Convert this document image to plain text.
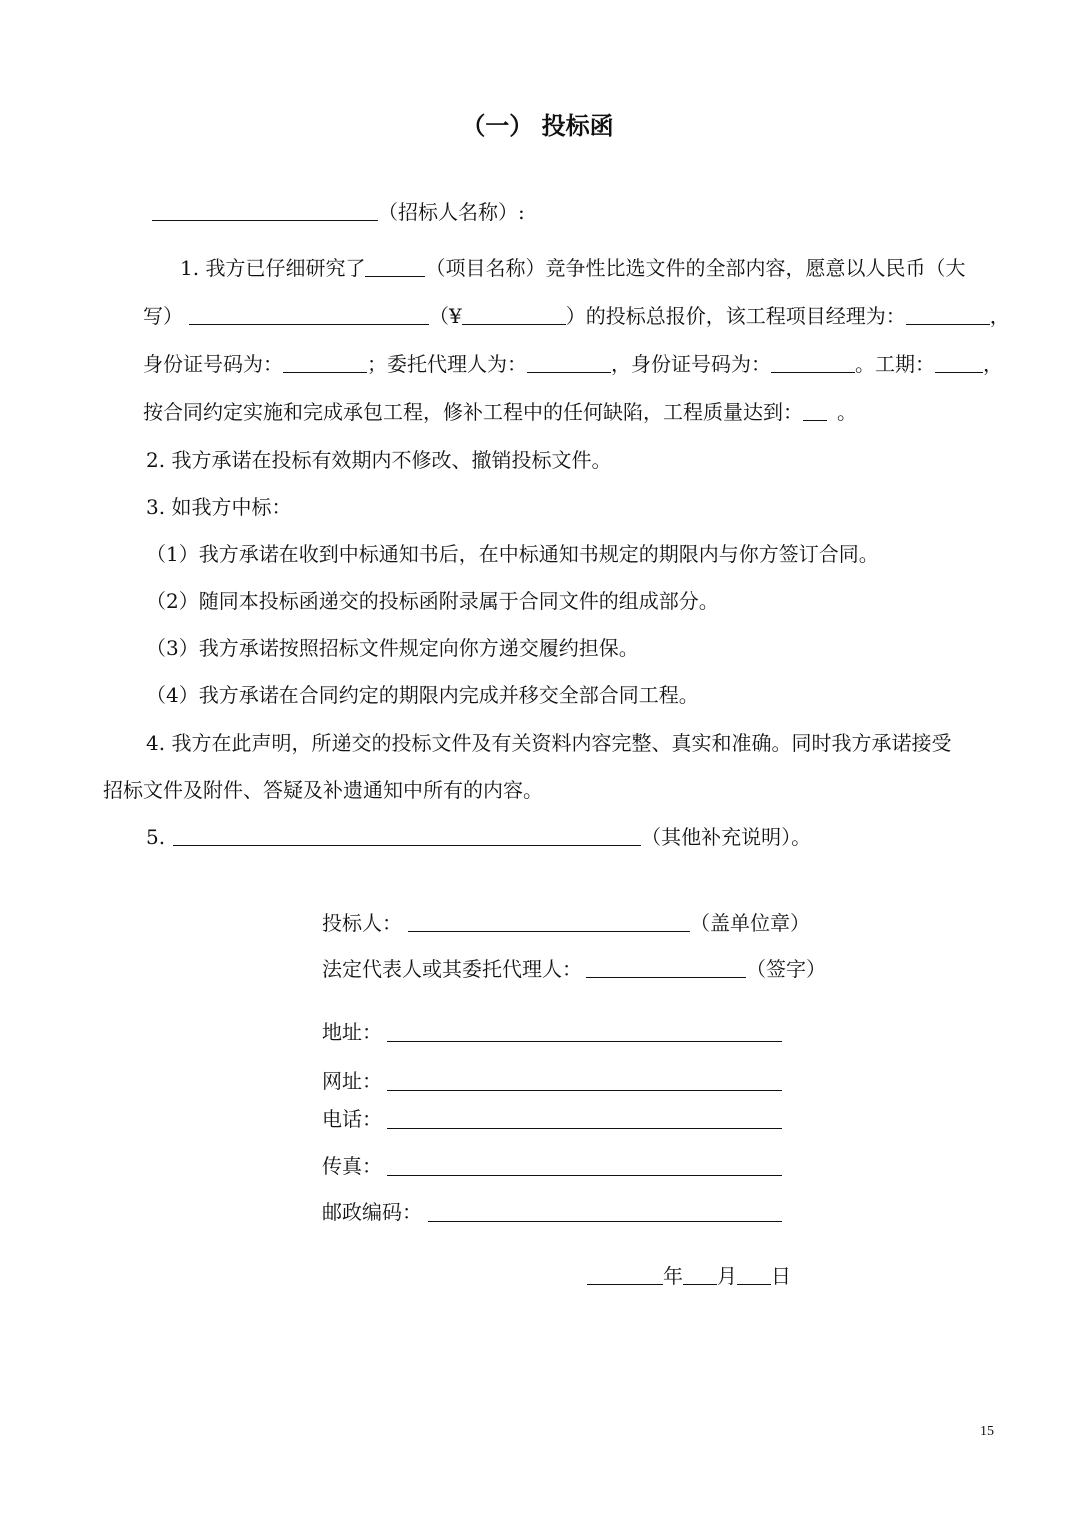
（一） 投标函
（招标人名称）:
1. 我方已仔细研究了	（项目名称）竞争性比选文件的全部内容，愿意以人民币（大
写）	（¥	）的投标总报价，该工程项目经理为：	，
身份证号码为：	；委托代理人为：	，身份证号码为：	。工期： ，
按合同约定实施和完成承包工程，修补工程中的任何缺陷，工程质量达到： 。
2. 我方承诺在投标有效期内不修改、撤销投标文件。
3. 如我方中标：
（1）我方承诺在收到中标通知书后，在中标通知书规定的期限内与你方签订合同。
（2）随同本投标函递交的投标函附录属于合同文件的组成部分。
（3）我方承诺按照招标文件规定向你方递交履约担保。
（4）我方承诺在合同约定的期限内完成并移交全部合同工程。
4. 我方在此声明，所递交的投标文件及有关资料内容完整、真实和准确。同时我方承诺接受
招标文件及附件、答疑及补遗通知中所有的内容。
5.	（其他补充说明）。
投标人：	（盖单位章）
法定代表人或其委托代理人：	（签字）
地址：
网址：
电话：
传真：
邮政编码：
年 月 日
15
